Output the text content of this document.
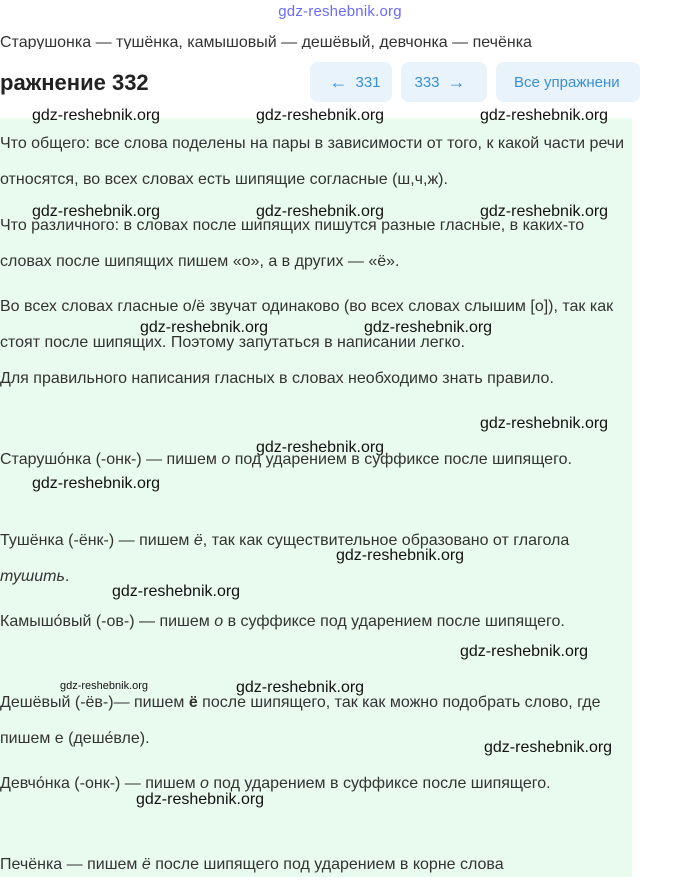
gdz-reshebnik.org
Старушонка — тушёнка, камышовый — дешёвый, девчонка — печёнка
ражнение 332	← 331 333 →	Все упражнени
Что общего: все слова поделены на пары в зависимости от того, к какой части речи относятся, во всех словах есть шипящие согласные (ш,ч,ж).
Что различного: в словах после шипящих пишутся разные гласные, в каких-то словах после шипящих пишем «о», а в других — «ё».
Во всех словах гласные о/ё звучат одинаково (во всех словах слышим [о]), так как стоят после шипящих. Поэтому запутаться в написании легко.
Для правильного написания гласных в словах необходимо знать правило.
Старушо́нка (-онк-) — пишем о под ударением в суффиксе после шипящего.
Тушёнка (-ёнк-) — пишем ё, так как существительное образовано от глагола тушить.
Камышо́вый (-ов-) — пишем о в суффиксе под ударением после шипящего.
Дешёвый (-ёв-)— пишем ё после шипящего, так как можно подобрать слово, где пишем е (деше́вле).
Девчо́нка (-онк-) — пишем о под ударением в суффиксе после шипящего.
Печёнка — пишем ё после шипящего под ударением в корне слова
gdz-reshebnik.org	gdz-reshebnik.org	gdz-reshebnik.org
gdz-reshebnik.org	gdz-reshebnik.org	gdz-reshebnik.org
gdz-reshebnik.org	gdz-reshebnik.org
gdz-reshebnik.org
gdz-reshebnik.org
gdz-reshebnik.org
gdz-reshebnik.org
gdz-reshebnik.org
gdz-reshebnik.org
gdz-reshebnik.org	gdz-reshebnik.org
gdz-reshebnik.org
gdz-reshebnik.org
